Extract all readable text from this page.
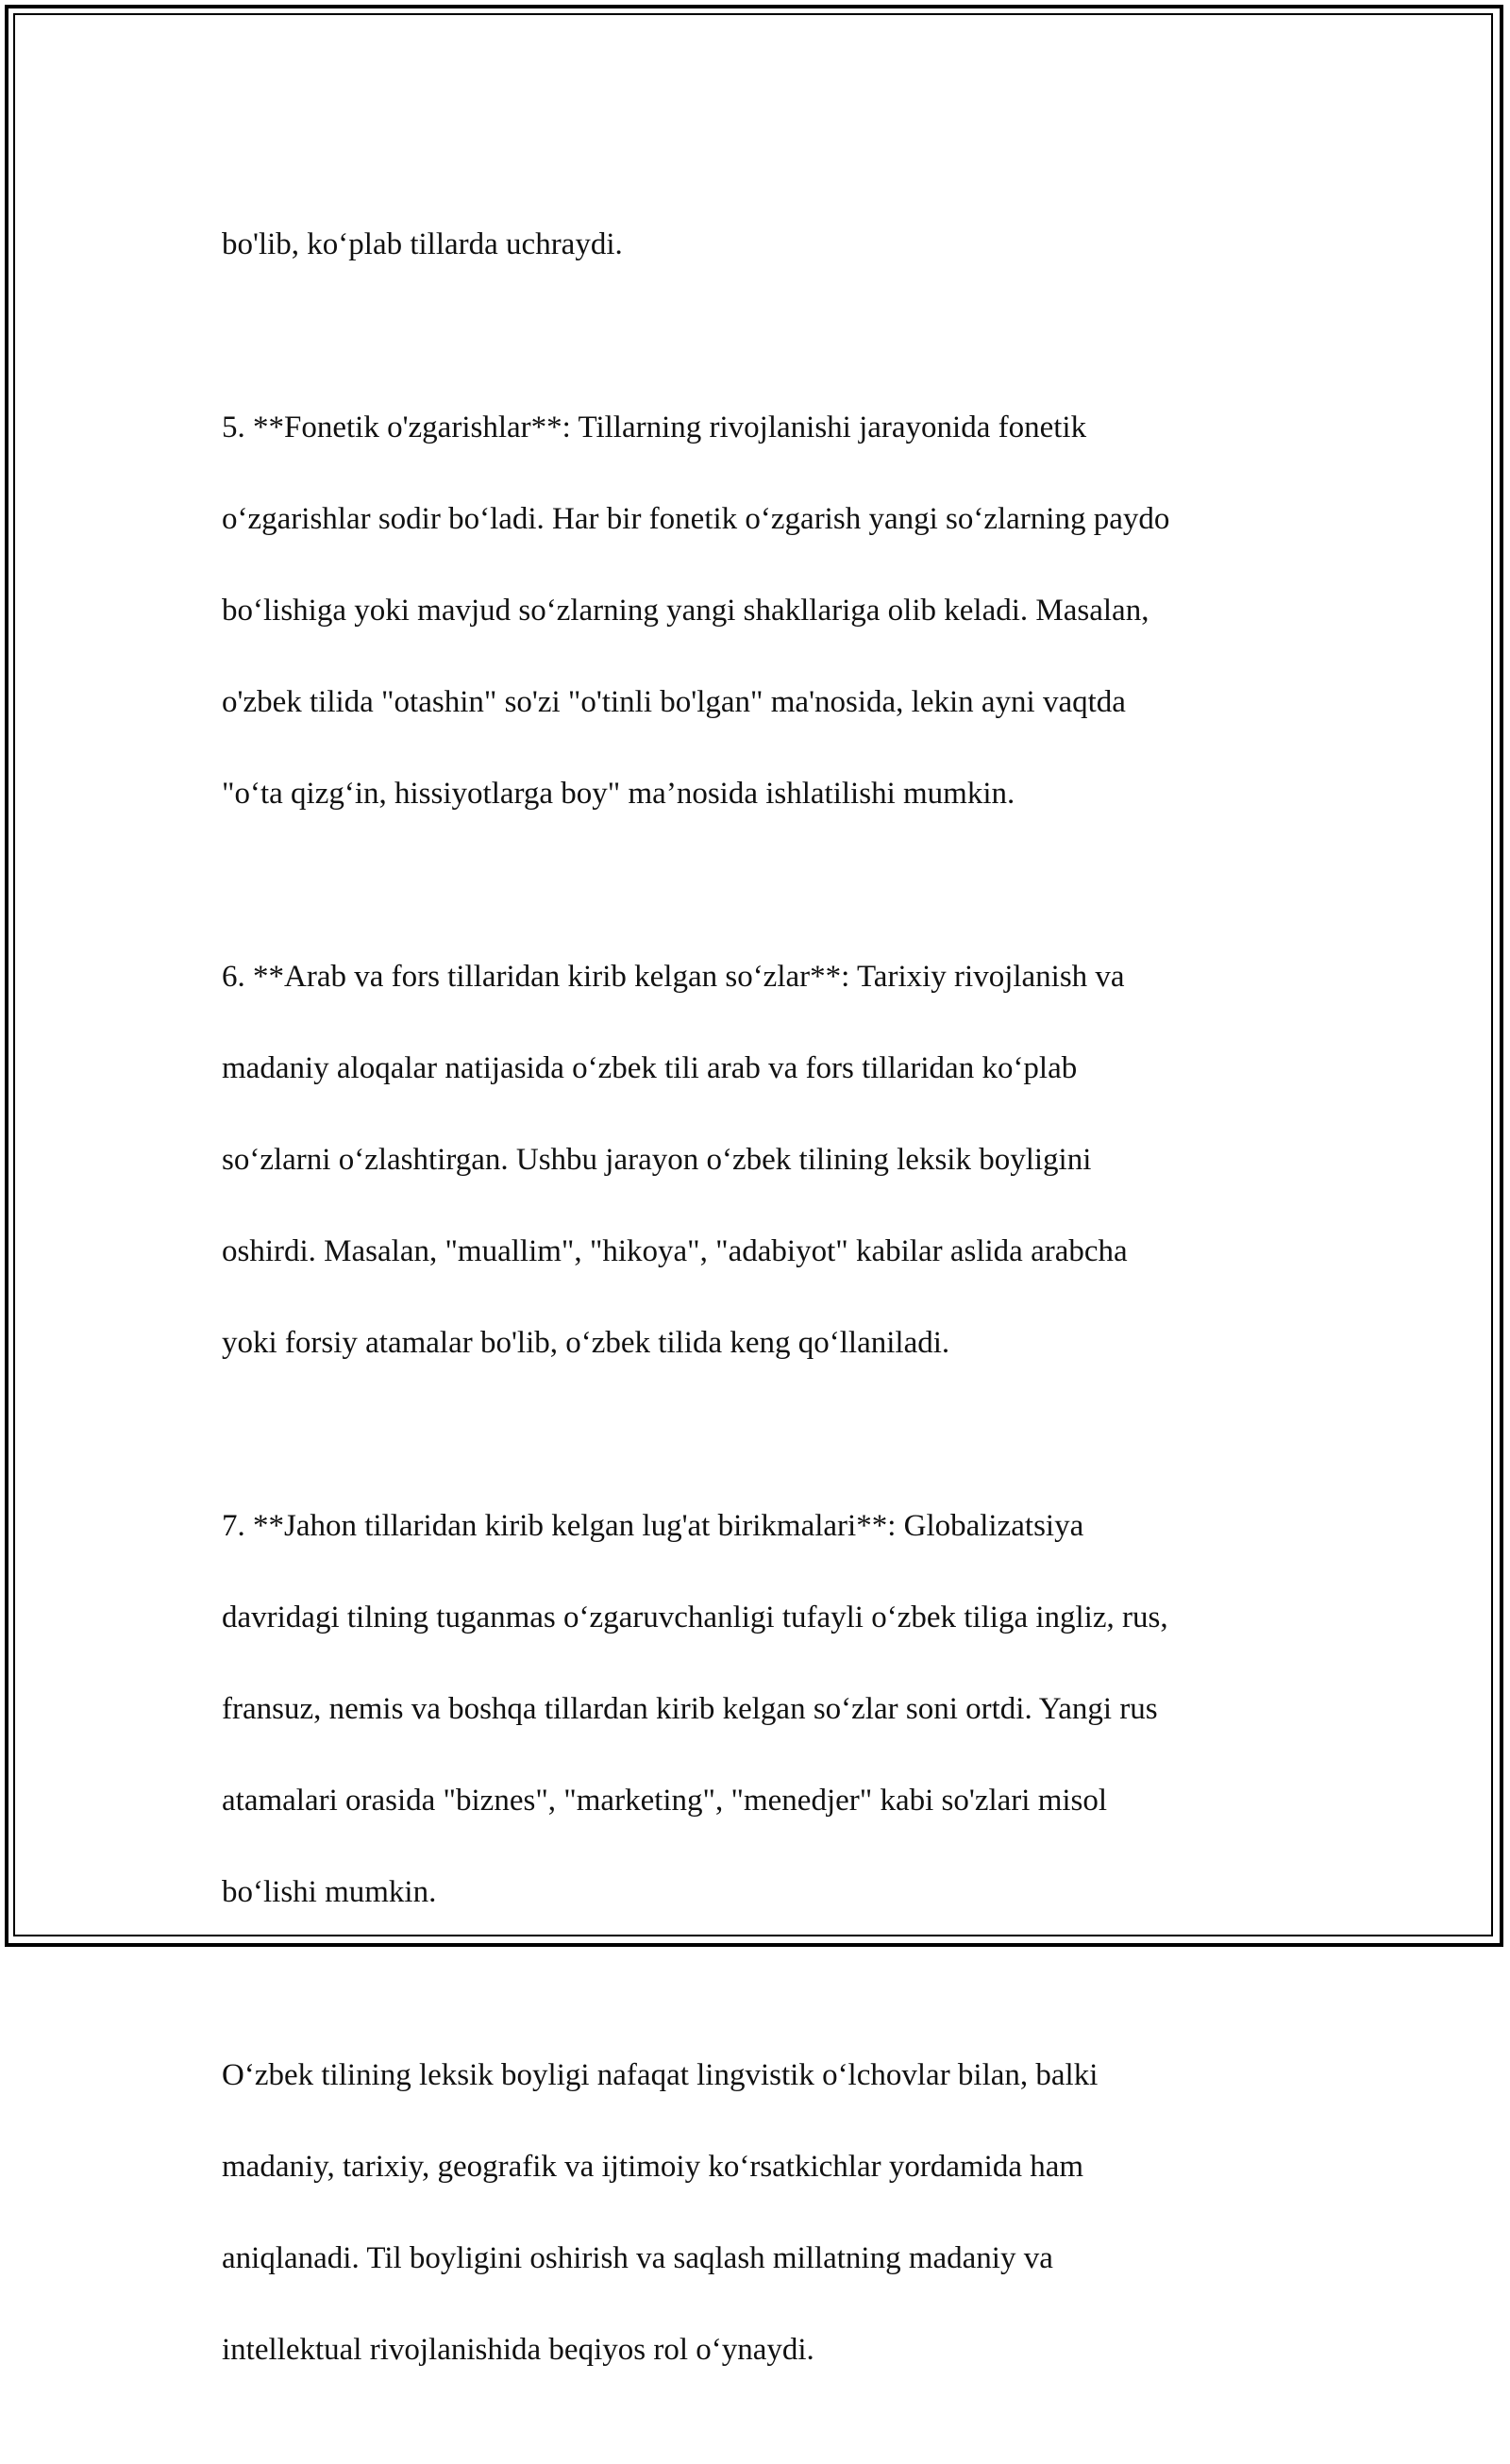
bo'lib, ko‘plab tillarda uchraydi.

5. **Fonetik o'zgarishlar**: Tillarning rivojlanishi jarayonida fonetik

o‘zgarishlar sodir bo‘ladi. Har bir fonetik o‘zgarish yangi so‘zlarning paydo

bo‘lishiga yoki mavjud so‘zlarning yangi shakllariga olib keladi. Masalan,

o'zbek tilida "otashin" so'zi "o'tinli bo'lgan" ma'nosida, lekin ayni vaqtda

"o‘ta qizg‘in, hissiyotlarga boy" ma’nosida ishlatilishi mumkin.

6. **Arab va fors tillaridan kirib kelgan so‘zlar**: Tarixiy rivojlanish va

madaniy aloqalar natijasida o‘zbek tili arab va fors tillaridan ko‘plab

so‘zlarni o‘zlashtirgan. Ushbu jarayon o‘zbek tilining leksik boyligini

oshirdi. Masalan, "muallim", "hikoya", "adabiyot" kabilar aslida arabcha

yoki forsiy atamalar bo'lib, o‘zbek tilida keng qo‘llaniladi.

7. **Jahon tillaridan kirib kelgan lug'at birikmalari**: Globalizatsiya

davridagi tilning tuganmas o‘zgaruvchanligi tufayli o‘zbek tiliga ingliz, rus,

fransuz, nemis va boshqa tillardan kirib kelgan so‘zlar soni ortdi. Yangi rus

atamalari orasida "biznes", "marketing", "menedjer" kabi so'zlari misol

bo‘lishi mumkin.

O‘zbek tilining leksik boyligi nafaqat lingvistik o‘lchovlar bilan, balki

madaniy, tarixiy, geografik va ijtimoiy ko‘rsatkichlar yordamida ham

aniqlanadi. Til boyligini oshirish va saqlash millatning madaniy va

intellektual rivojlanishida beqiyos rol o‘ynaydi.
